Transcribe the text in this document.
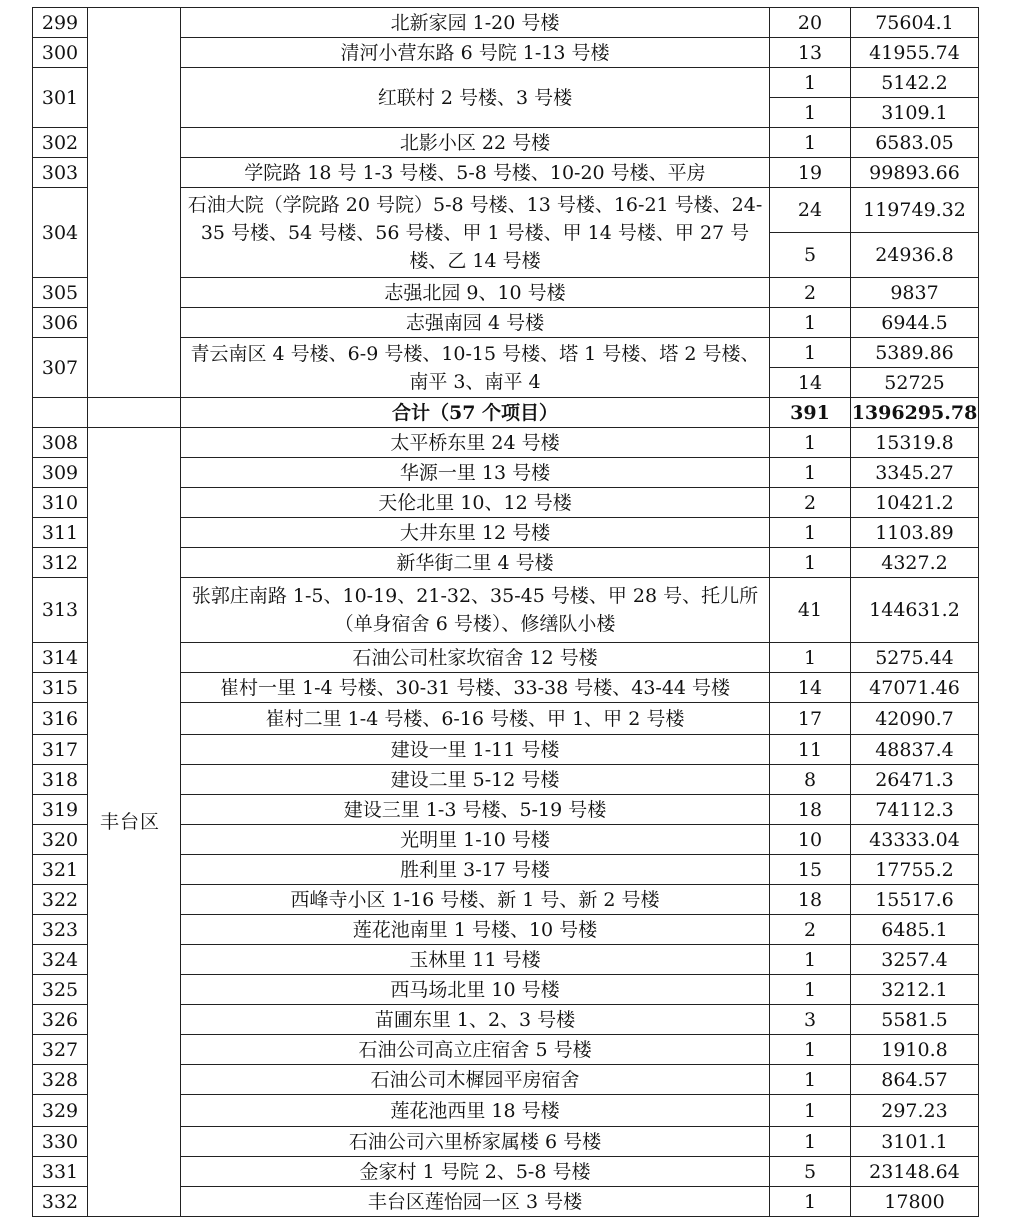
299		北新家园 1-20 号楼	20	75604.1
300		清河小营东路 6 号院 1-13 号楼	13	41955.74
301		红联村 2 号楼、3 号楼	1	5142.2
			1	3109.1
302		北影小区 22 号楼	1	6583.05
303		学院路 18 号 1-3 号楼、5-8 号楼、10-20 号楼、平房	19	99893.66
304		石油大院（学院路 20 号院）5-8 号楼、13 号楼、16-21 号楼、24-35 号楼、54 号楼、56 号楼、甲 1 号楼、甲 14 号楼、甲 27 号楼、乙 14 号楼	24	119749.32
			5	24936.8
305		志强北园 9、10 号楼	2	9837
306		志强南园 4 号楼	1	6944.5
307		青云南区 4 号楼、6-9 号楼、10-15 号楼、塔 1 号楼、塔 2 号楼、南平 3、南平 4	1	5389.86
			14	52725
		合计（57 个项目）	391	1396295.78
308	丰台区	太平桥东里 24 号楼	1	15319.8
309		华源一里 13 号楼	1	3345.27
310		天伦北里 10、12 号楼	2	10421.2
311		大井东里 12 号楼	1	1103.89
312		新华街二里 4 号楼	1	4327.2
313		张郭庄南路 1-5、10-19、21-32、35-45 号楼、甲 28 号、托儿所（单身宿舍 6 号楼）、修缮队小楼	41	144631.2
314		石油公司杜家坎宿舍 12 号楼	1	5275.44
315		崔村一里 1-4 号楼、30-31 号楼、33-38 号楼、43-44 号楼	14	47071.46
316		崔村二里 1-4 号楼、6-16 号楼、甲 1、甲 2 号楼	17	42090.7
317		建设一里 1-11 号楼	11	48837.4
318		建设二里 5-12 号楼	8	26471.3
319		建设三里 1-3 号楼、5-19 号楼	18	74112.3
320		光明里 1-10 号楼	10	43333.04
321		胜利里 3-17 号楼	15	17755.2
322		西峰寺小区 1-16 号楼、新 1 号、新 2 号楼	18	15517.6
323		莲花池南里 1 号楼、10 号楼	2	6485.1
324		玉林里 11 号楼	1	3257.4
325		西马场北里 10 号楼	1	3212.1
326		苗圃东里 1、2、3 号楼	3	5581.5
327		石油公司高立庄宿舍 5 号楼	1	1910.8
328		石油公司木樨园平房宿舍	1	864.57
329		莲花池西里 18 号楼	1	297.23
330		石油公司六里桥家属楼 6 号楼	1	3101.1
331		金家村 1 号院 2、5-8 号楼	5	23148.64
332		丰台区莲怡园一区 3 号楼	1	17800
